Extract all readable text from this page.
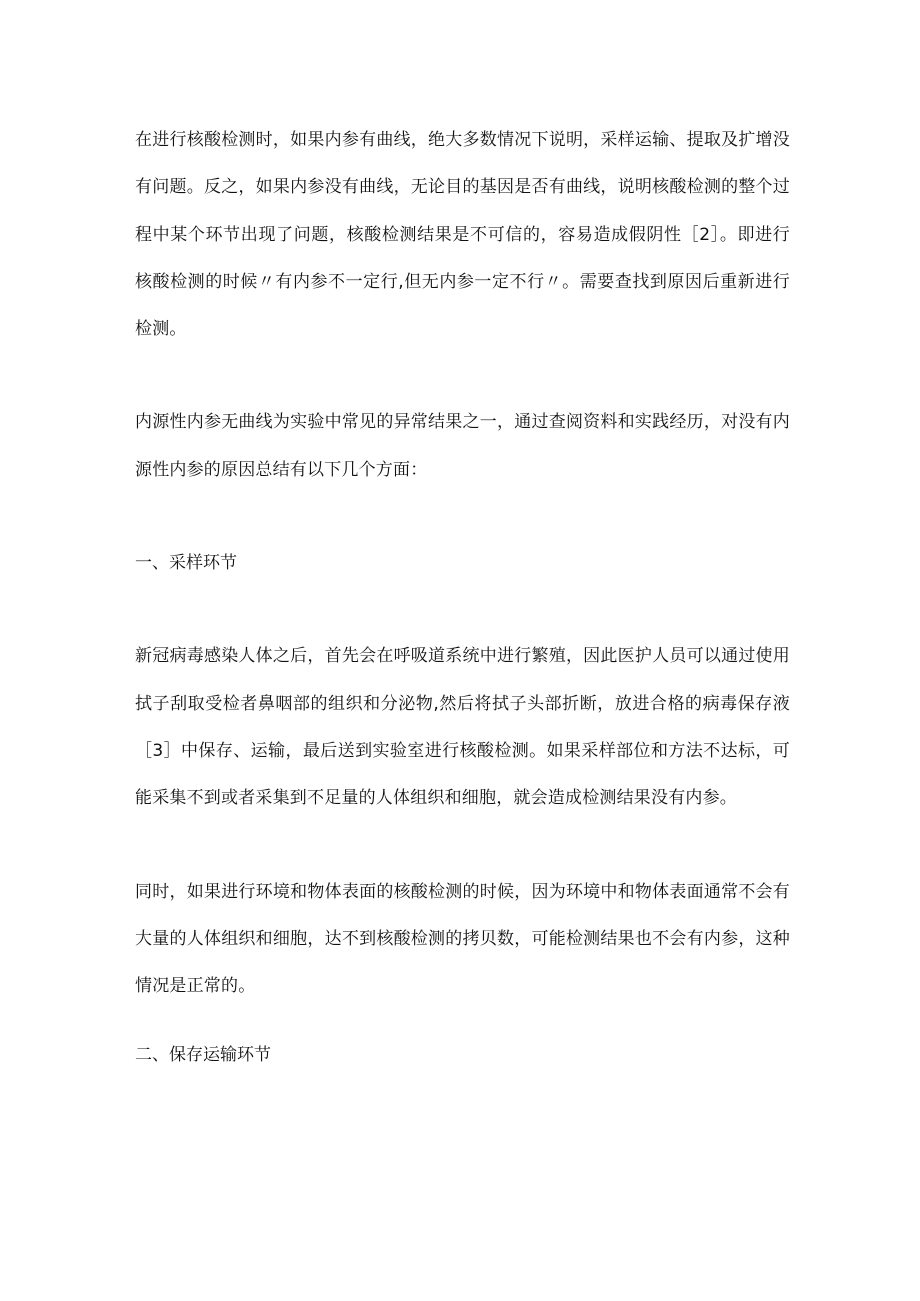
在进行核酸检测时，如果内参有曲线，绝大多数情况下说明，采样运输、提取及扩增没有问题。反之，如果内参没有曲线，无论目的基因是否有曲线，说明核酸检测的整个过程中某个环节出现了问题，核酸检测结果是不可信的，容易造成假阴性［2］。即进行核酸检测的时候〃有内参不一定行,但无内参一定不行〃。需要查找到原因后重新进行检测。

内源性内参无曲线为实验中常见的异常结果之一，通过查阅资料和实践经历，对没有内源性内参的原因总结有以下几个方面：

一、采样环节

新冠病毒感染人体之后，首先会在呼吸道系统中进行繁殖，因此医护人员可以通过使用拭子刮取受检者鼻咽部的组织和分泌物,然后将拭子头部折断，放进合格的病毒保存液［3］中保存、运输，最后送到实验室进行核酸检测。如果采样部位和方法不达标，可能采集不到或者采集到不足量的人体组织和细胞，就会造成检测结果没有内参。

同时，如果进行环境和物体表面的核酸检测的时候，因为环境中和物体表面通常不会有大量的人体组织和细胞，达不到核酸检测的拷贝数，可能检测结果也不会有内参，这种情况是正常的。

二、保存运输环节
